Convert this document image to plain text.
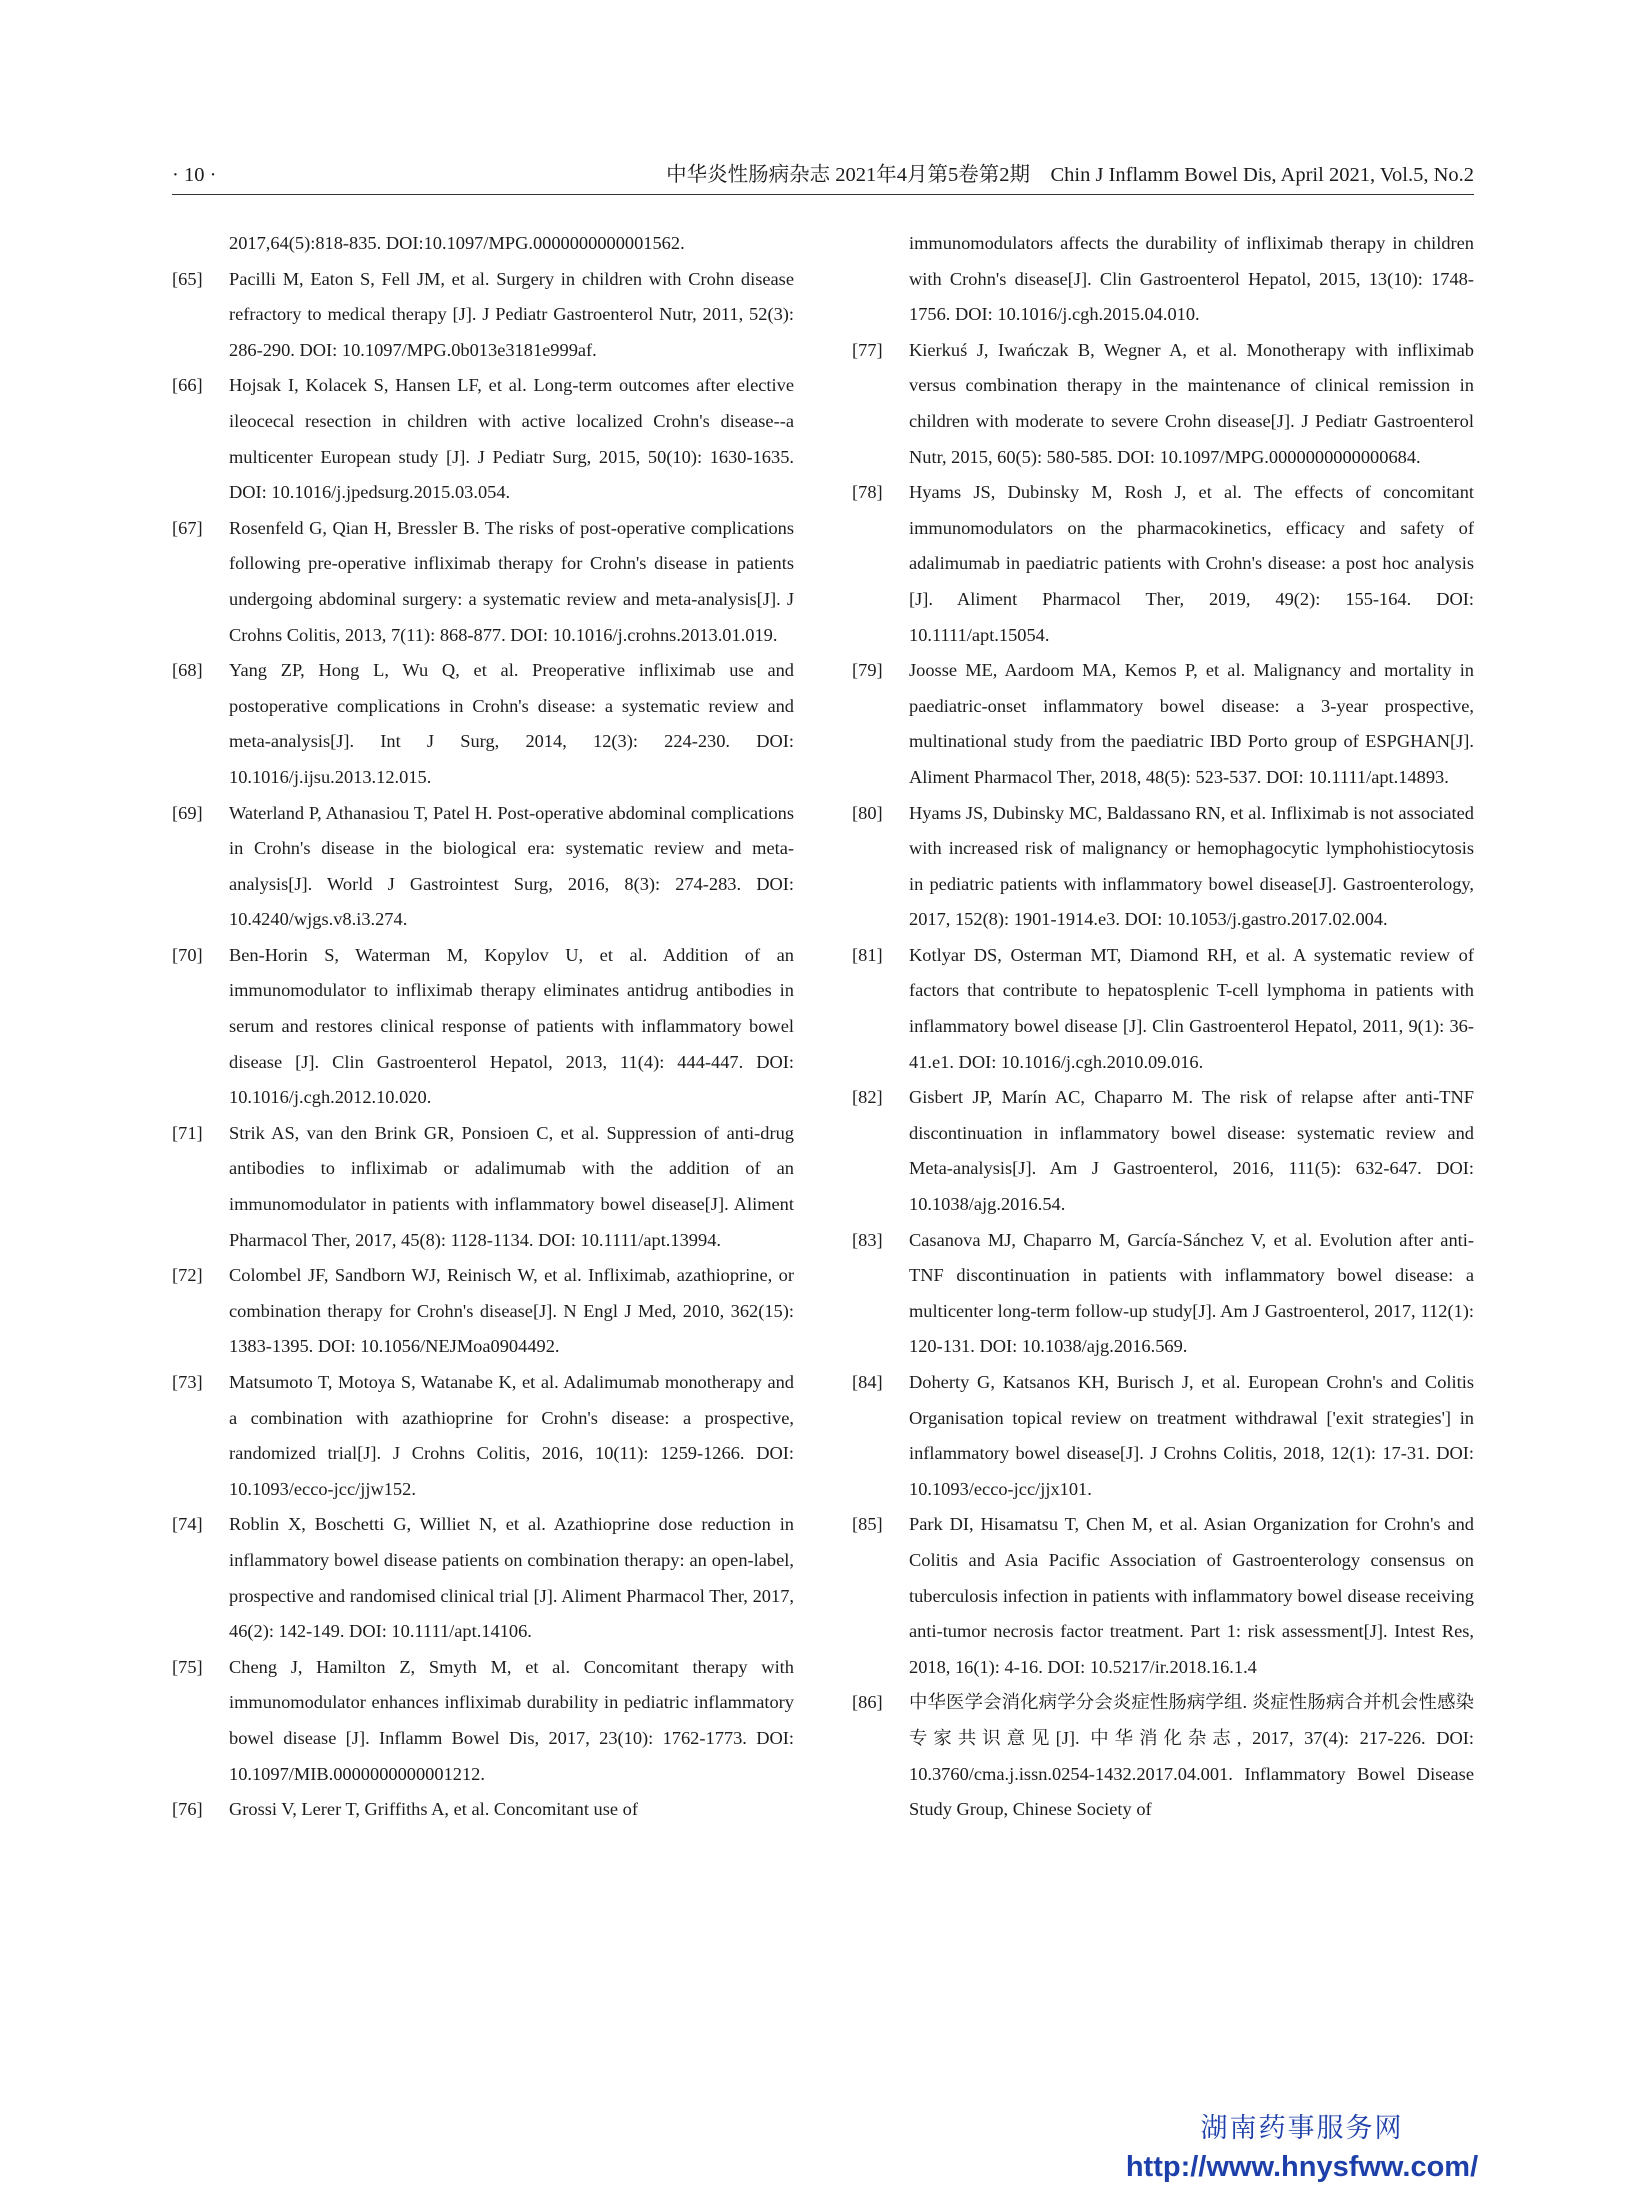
· 10 ·	中华炎性肠病杂志 2021年4月第5卷第2期　Chin J Inflamm Bowel Dis, April 2021, Vol.5, No.2

2017,64(5):818-835. DOI:10.1097/MPG.0000000000001562.

[65] Pacilli M, Eaton S, Fell JM, et al. Surgery in children with Crohn disease refractory to medical therapy [J]. J Pediatr Gastroenterol Nutr, 2011, 52(3): 286-290. DOI: 10.1097/MPG.0b013e3181e999af.

[66] Hojsak I, Kolacek S, Hansen LF, et al. Long-term outcomes after elective ileocecal resection in children with active localized Crohn's disease--a multicenter European study [J]. J Pediatr Surg, 2015, 50(10): 1630-1635. DOI: 10.1016/j.jpedsurg.2015.03.054.

[67] Rosenfeld G, Qian H, Bressler B. The risks of post-operative complications following pre-operative infliximab therapy for Crohn's disease in patients undergoing abdominal surgery: a systematic review and meta-analysis[J]. J Crohns Colitis, 2013, 7(11): 868-877. DOI: 10.1016/j.crohns.2013.01.019.

[68] Yang ZP, Hong L, Wu Q, et al. Preoperative infliximab use and postoperative complications in Crohn's disease: a systematic review and meta-analysis[J]. Int J Surg, 2014, 12(3): 224-230. DOI: 10.1016/j.ijsu.2013.12.015.

[69] Waterland P, Athanasiou T, Patel H. Post-operative abdominal complications in Crohn's disease in the biological era: systematic review and meta-analysis[J]. World J Gastrointest Surg, 2016, 8(3): 274-283. DOI: 10.4240/wjgs.v8.i3.274.

[70] Ben-Horin S, Waterman M, Kopylov U, et al. Addition of an immunomodulator to infliximab therapy eliminates antidrug antibodies in serum and restores clinical response of patients with inflammatory bowel disease [J]. Clin Gastroenterol Hepatol, 2013, 11(4): 444-447. DOI: 10.1016/j.cgh.2012.10.020.

[71] Strik AS, van den Brink GR, Ponsioen C, et al. Suppression of anti-drug antibodies to infliximab or adalimumab with the addition of an immunomodulator in patients with inflammatory bowel disease[J]. Aliment Pharmacol Ther, 2017, 45(8): 1128-1134. DOI: 10.1111/apt.13994.

[72] Colombel JF, Sandborn WJ, Reinisch W, et al. Infliximab, azathioprine, or combination therapy for Crohn's disease[J]. N Engl J Med, 2010, 362(15): 1383-1395. DOI: 10.1056/NEJMoa0904492.

[73] Matsumoto T, Motoya S, Watanabe K, et al. Adalimumab monotherapy and a combination with azathioprine for Crohn's disease: a prospective, randomized trial[J]. J Crohns Colitis, 2016, 10(11): 1259-1266. DOI: 10.1093/ecco-jcc/jjw152.

[74] Roblin X, Boschetti G, Williet N, et al. Azathioprine dose reduction in inflammatory bowel disease patients on combination therapy: an open-label, prospective and randomised clinical trial [J]. Aliment Pharmacol Ther, 2017, 46(2): 142-149. DOI: 10.1111/apt.14106.

[75] Cheng J, Hamilton Z, Smyth M, et al. Concomitant therapy with immunomodulator enhances infliximab durability in pediatric inflammatory bowel disease [J]. Inflamm Bowel Dis, 2017, 23(10): 1762-1773. DOI: 10.1097/MIB.0000000000001212.

[76] Grossi V, Lerer T, Griffiths A, et al. Concomitant use of

immunomodulators affects the durability of infliximab therapy in children with Crohn's disease[J]. Clin Gastroenterol Hepatol, 2015, 13(10): 1748-1756. DOI: 10.1016/j.cgh.2015.04.010.

[77] Kierkuś J, Iwańczak B, Wegner A, et al. Monotherapy with infliximab versus combination therapy in the maintenance of clinical remission in children with moderate to severe Crohn disease[J]. J Pediatr Gastroenterol Nutr, 2015, 60(5): 580-585. DOI: 10.1097/MPG.0000000000000684.

[78] Hyams JS, Dubinsky M, Rosh J, et al. The effects of concomitant immunomodulators on the pharmacokinetics, efficacy and safety of adalimumab in paediatric patients with Crohn's disease: a post hoc analysis [J]. Aliment Pharmacol Ther, 2019, 49(2): 155-164. DOI: 10.1111/apt.15054.

[79] Joosse ME, Aardoom MA, Kemos P, et al. Malignancy and mortality in paediatric-onset inflammatory bowel disease: a 3-year prospective, multinational study from the paediatric IBD Porto group of ESPGHAN[J]. Aliment Pharmacol Ther, 2018, 48(5): 523-537. DOI: 10.1111/apt.14893.

[80] Hyams JS, Dubinsky MC, Baldassano RN, et al. Infliximab is not associated with increased risk of malignancy or hemophagocytic lymphohistiocytosis in pediatric patients with inflammatory bowel disease[J]. Gastroenterology, 2017, 152(8): 1901-1914.e3. DOI: 10.1053/j.gastro.2017.02.004.

[81] Kotlyar DS, Osterman MT, Diamond RH, et al. A systematic review of factors that contribute to hepatosplenic T-cell lymphoma in patients with inflammatory bowel disease [J]. Clin Gastroenterol Hepatol, 2011, 9(1): 36-41.e1. DOI: 10.1016/j.cgh.2010.09.016.

[82] Gisbert JP, Marín AC, Chaparro M. The risk of relapse after anti-TNF discontinuation in inflammatory bowel disease: systematic review and Meta-analysis[J]. Am J Gastroenterol, 2016, 111(5): 632-647. DOI: 10.1038/ajg.2016.54.

[83] Casanova MJ, Chaparro M, García-Sánchez V, et al. Evolution after anti-TNF discontinuation in patients with inflammatory bowel disease: a multicenter long-term follow-up study[J]. Am J Gastroenterol, 2017, 112(1): 120-131. DOI: 10.1038/ajg.2016.569.

[84] Doherty G, Katsanos KH, Burisch J, et al. European Crohn's and Colitis Organisation topical review on treatment withdrawal ['exit strategies'] in inflammatory bowel disease[J]. J Crohns Colitis, 2018, 12(1): 17-31. DOI: 10.1093/ecco-jcc/jjx101.

[85] Park DI, Hisamatsu T, Chen M, et al. Asian Organization for Crohn's and Colitis and Asia Pacific Association of Gastroenterology consensus on tuberculosis infection in patients with inflammatory bowel disease receiving anti-tumor necrosis factor treatment. Part 1: risk assessment[J]. Intest Res, 2018, 16(1): 4-16. DOI: 10.5217/ir.2018.16.1.4

[86] 中华医学会消化病学分会炎症性肠病学组. 炎症性肠病合并机会性感染专家共识意见[J]. 中华消化杂志, 2017, 37(4): 217-226. DOI: 10.3760/cma.j.issn.0254-1432.2017.04.001. Inflammatory Bowel Disease Study Group, Chinese Society of

湖南药事服务网
http://www.hnysfww.com/
